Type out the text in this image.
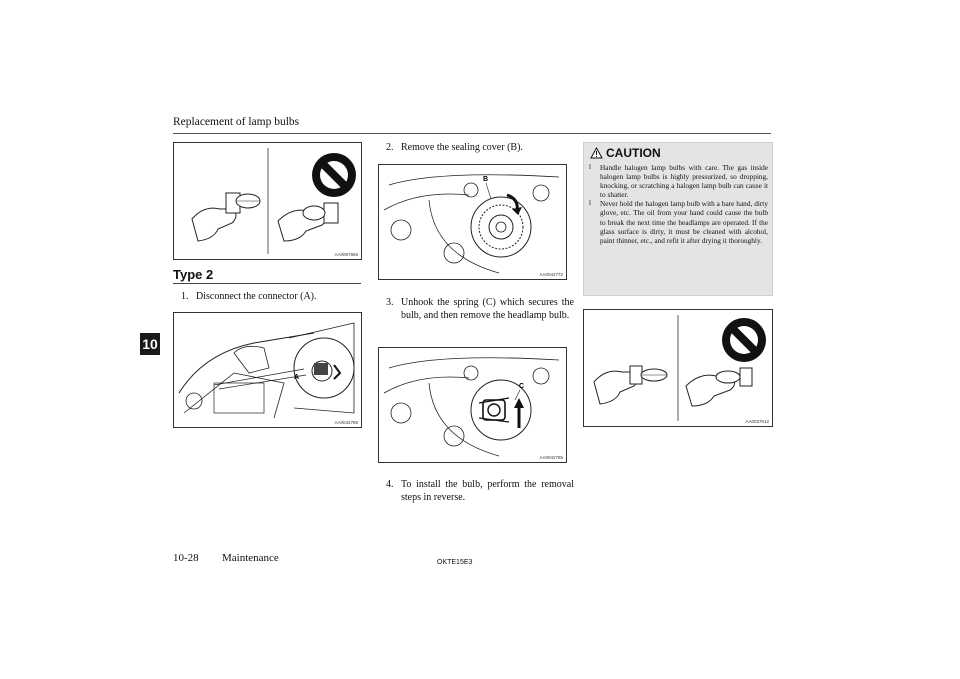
Replacement of lamp bulbs
10
AA0097866
Type 2
1. Disconnect the connector (A).
A
AA0042769
2. Remove the sealing cover (B).
B
AA0042772
3. Unhook the spring (C) which secures the bulb, and then remove the headlamp bulb.
C
AA0042785
4. To install the bulb, perform the removal steps in reverse.
CAUTION
l Handle halogen lamp bulbs with care. The gas inside halogen lamp bulbs is highly pressurized, so dropping, knocking, or scratching a halogen lamp bulb can cause it to shatter.
l Never hold the halogen lamp bulb with a bare hand, dirty glove, etc. The oil from your hand could cause the bulb to break the next time the headlamps are operated. If the glass surface is dirty, it must be cleaned with alcohol, paint thinner, etc., and refit it after drying it thoroughly.
AA0037612
10-28 Maintenance	OKTE15E3
